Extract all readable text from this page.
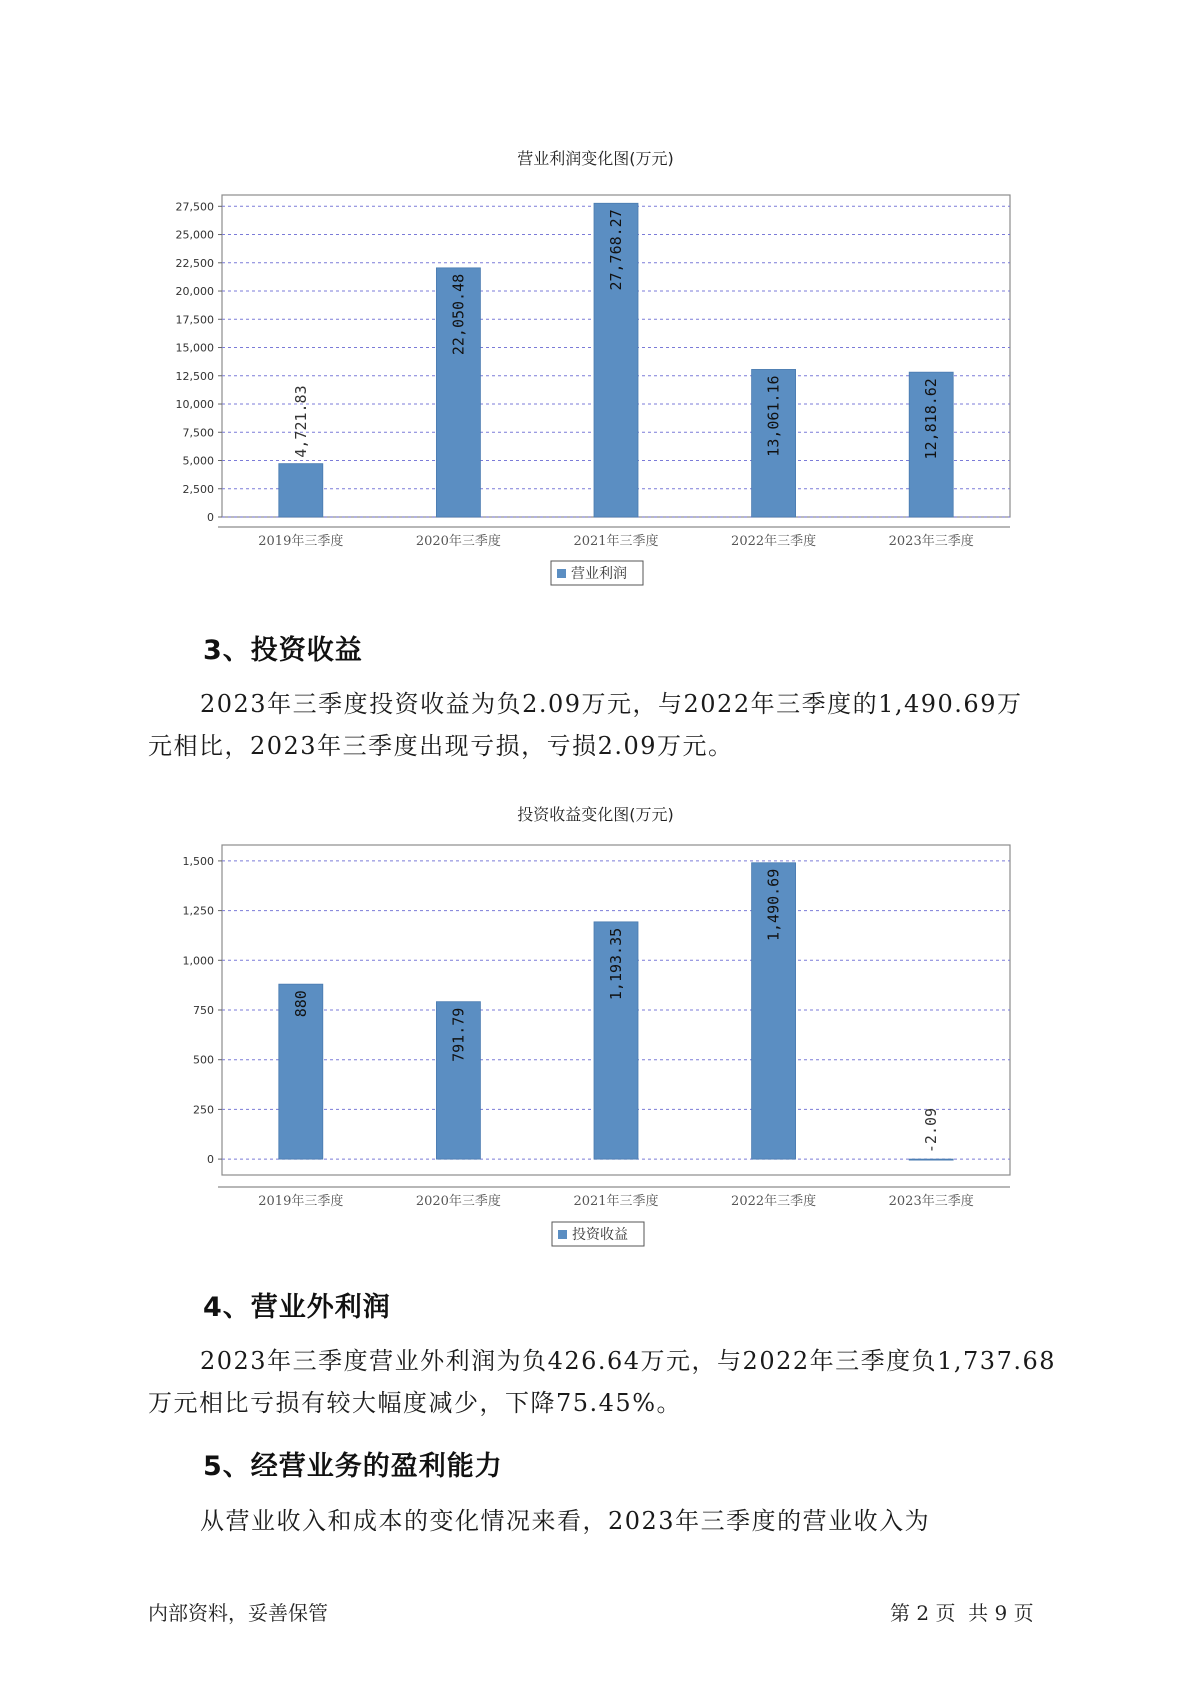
营业利润变化图(万元)
0
2,500
5,000
7,500
10,000
12,500
15,000
17,500
20,000
22,500
25,000
27,500
4,721.83
2019年三季度
22,050.48
2020年三季度
27,768.27
2021年三季度
13,061.16
2022年三季度
12,818.62
2023年三季度
营业利润
3、投资收益
2023年三季度投资收益为负2.09万元，与2022年三季度的1,490.69万
元相比，2023年三季度出现亏损，亏损2.09万元。
投资收益变化图(万元)
0
250
500
750
1,000
1,250
1,500
880
2019年三季度
791.79
2020年三季度
1,193.35
2021年三季度
1,490.69
2022年三季度
-2.09
2023年三季度
投资收益
4、营业外利润
2023年三季度营业外利润为负426.64万元，与2022年三季度负1,737.68
万元相比亏损有较大幅度减少，下降75.45%。
5、经营业务的盈利能力
从营业收入和成本的变化情况来看，2023年三季度的营业收入为
内部资料，妥善保管	第 2 页  共 9 页
